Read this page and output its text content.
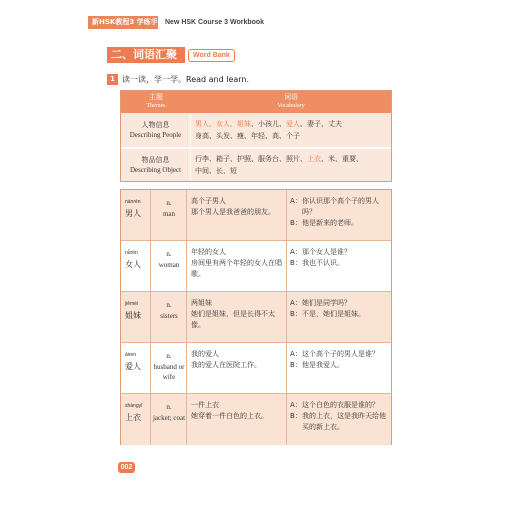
新HSK教程3 学练手册 New HSK Course 3 Workbook
二、词语汇聚	Word Bank
1 读一读，学一学。Read and learn.
主题
Themes
词语
Vocabulary
人物信息
Describing People
男人、女人、姐妹、小孩儿、爱人、妻子、丈夫
身高、头发、瘦、年轻、高、个子
物品信息
Describing Object
行李、箱子、护照、服务台、照片、上衣、米、重要、
中间、长、短
nánrén
男人
n.
man
高个子男人
那个男人是我爸爸的朋友。
A： 你认识那个高个子的男人吗？
B： 他是新来的老师。
nǚrén
女人
n.
woman
年轻的女人
房间里有两个年轻的女人在唱歌。
A： 那个女人是谁？
B： 我也不认识。
jiěmèi
姐妹
n.
sisters
两姐妹
她们是姐妹，但是长得不太像。
A： 她们是同学吗？
B： 不是，她们是姐妹。
àiren
爱人
n.
husband or wife
我的爱人
我的爱人在医院工作。
A： 这个高个子的男人是谁？
B： 他是我爱人。
shàngyī
上衣
n.
jacket; coat
一件上衣
她穿着一件白色的上衣。
A： 这个白色的衣服是谁的？
B： 我的上衣，这是我昨天给他买的新上衣。
002
